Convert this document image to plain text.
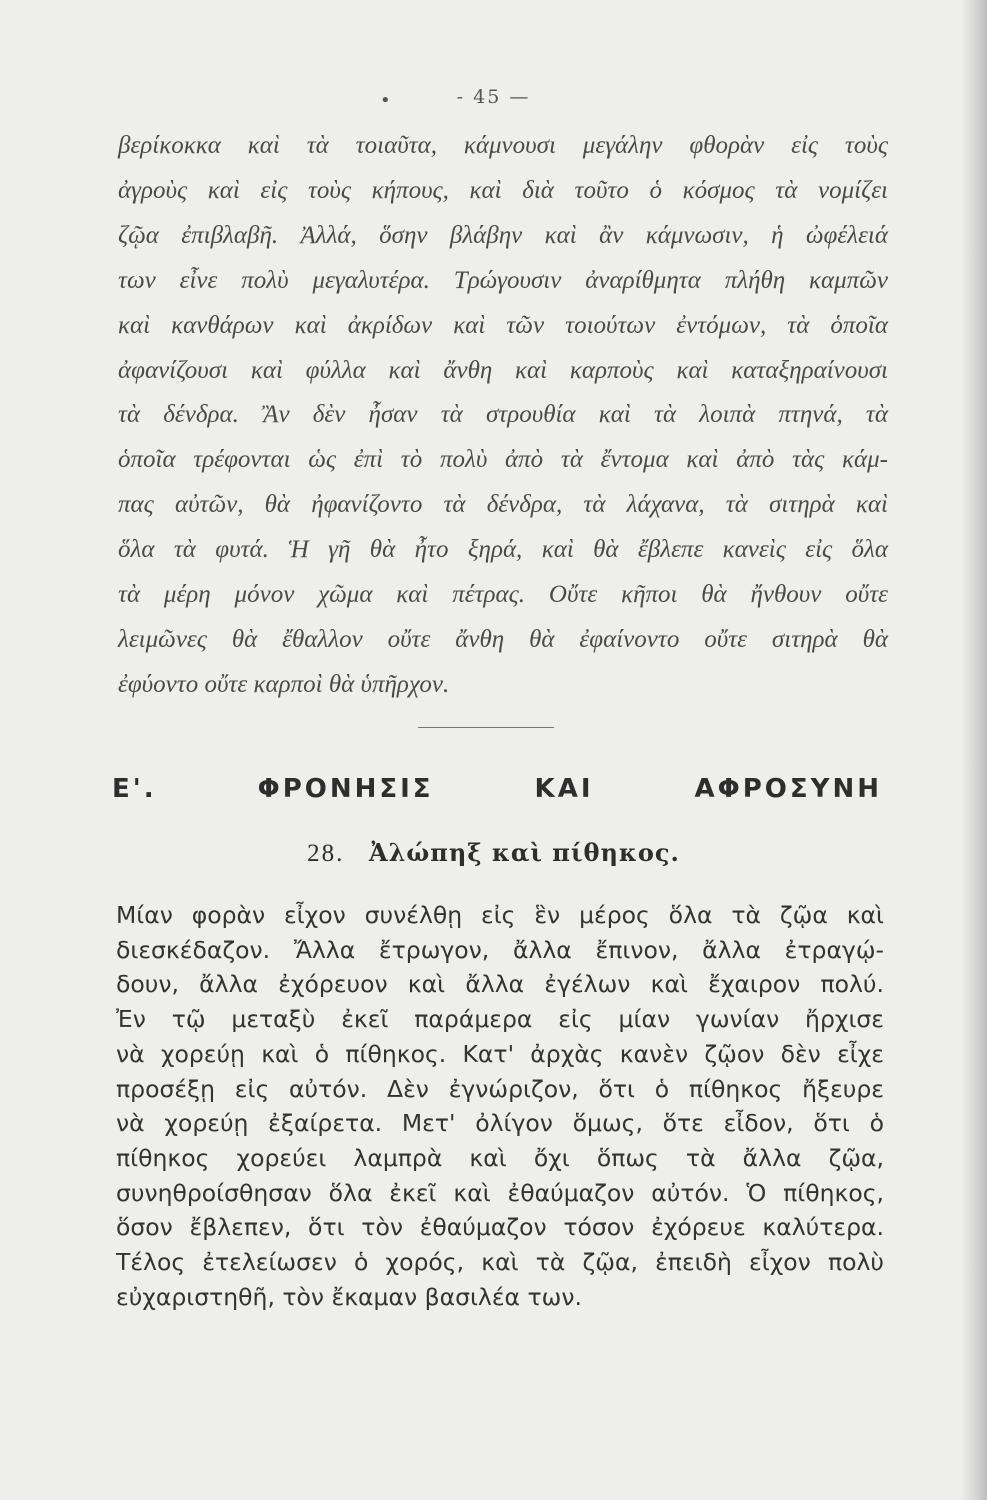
•	- 45 —
βερίκοκκα καὶ τὰ τοιαῦτα, κάμνουσι μεγάλην φθορὰν εἰς τοὺς
ἀγροὺς καὶ εἰς τοὺς κήπους, καὶ διὰ τοῦτο ὁ κόσμος τὰ νομίζει
ζῷα ἐπιβλαβῆ. Ἀλλά, ὅσην βλάβην καὶ ἂν κάμνωσιν, ἡ ὠφέλειά
των εἶνε πολὺ μεγαλυτέρα. Τρώγουσιν ἀναρίθμητα πλήθη καμπῶν
καὶ κανθάρων καὶ ἀκρίδων καὶ τῶν τοιούτων ἐντόμων, τὰ ὁποῖα
ἀφανίζουσι καὶ φύλλα καὶ ἄνθη καὶ καρποὺς καὶ καταξηραίνουσι
τὰ δένδρα. Ἂν δὲν ἦσαν τὰ στρουθία καὶ τὰ λοιπὰ πτηνά, τὰ
ὁποῖα τρέφονται ὡς ἐπὶ τὸ πολὺ ἀπὸ τὰ ἔντομα καὶ ἀπὸ τὰς κάμ-
πας αὐτῶν, θὰ ἠφανίζοντο τὰ δένδρα, τὰ λάχανα, τὰ σιτηρὰ καὶ
ὅλα τὰ φυτά. Ἡ γῆ θὰ ἦτο ξηρά, καὶ θὰ ἔβλεπε κανεὶς εἰς ὅλα
τὰ μέρη μόνον χῶμα καὶ πέτρας. Οὔτε κῆποι θὰ ἤνθουν οὔτε
λειμῶνες θὰ ἔθαλλον οὔτε ἄνθη θὰ ἐφαίνοντο οὔτε σιτηρὰ θὰ
ἐφύοντο οὔτε καρποὶ θὰ ὑπῆρχον.
Ε'. ΦΡΟΝΗΣΙΣ ΚΑΙ ΑΦΡΟΣΥΝΗ
28. Ἀλώπηξ καὶ πίθηκος.
Μίαν φορὰν εἶχον συνέλθῃ εἰς ἓν μέρος ὅλα τὰ ζῷα καὶ
διεσκέδαζον. Ἄλλα ἔτρωγον, ἄλλα ἔπινον, ἄλλα ἐτραγῴ-
δουν, ἄλλα ἐχόρευον καὶ ἄλλα ἐγέλων καὶ ἔχαιρον πολύ.
Ἐν τῷ μεταξὺ ἐκεῖ παράμερα εἰς μίαν γωνίαν ἤρχισε
νὰ χορεύῃ καὶ ὁ πίθηκος. Κατ' ἀρχὰς κανὲν ζῷον δὲν εἶχε
προσέξῃ εἰς αὐτόν. Δὲν ἐγνώριζον, ὅτι ὁ πίθηκος ἤξευρε
νὰ χορεύῃ ἐξαίρετα. Μετ' ὀλίγον ὅμως, ὅτε εἶδον, ὅτι ὁ
πίθηκος χορεύει λαμπρὰ καὶ ὄχι ὅπως τὰ ἄλλα ζῷα,
συνηθροίσθησαν ὅλα ἐκεῖ καὶ ἐθαύμαζον αὐτόν. Ὁ πίθηκος,
ὅσον ἔβλεπεν, ὅτι τὸν ἐθαύμαζον τόσον ἐχόρευε καλύτερα.
Τέλος ἐτελείωσεν ὁ χορός, καὶ τὰ ζῷα, ἐπειδὴ εἶχον πολὺ
εὐχαριστηθῆ, τὸν ἔκαμαν βασιλέα των.
